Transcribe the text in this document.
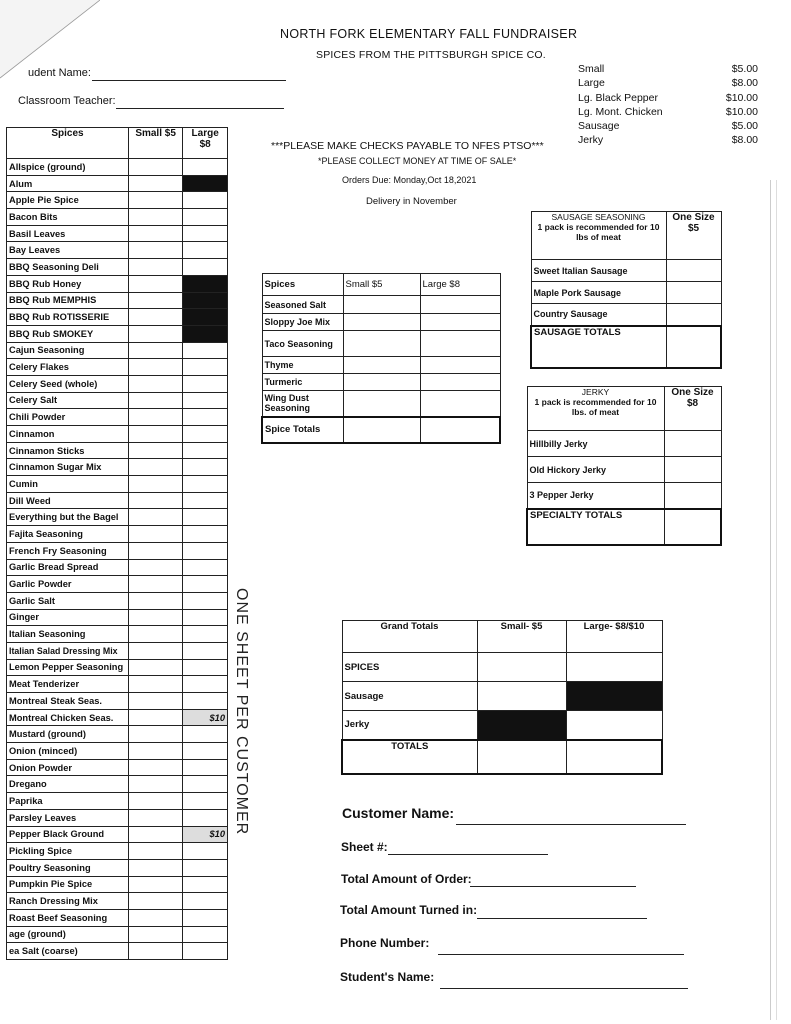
NORTH FORK ELEMENTARY FALL FUNDRAISER
SPICES FROM THE PITTSBURGH SPICE CO.
udent Name:
Classroom Teacher:
Small	$5.00
Large	$8.00
Lg. Black Pepper	$10.00
Lg. Mont. Chicken	$10.00
Sausage	$5.00
Jerky	$8.00
***PLEASE MAKE CHECKS PAYABLE TO NFES PTSO***
*PLEASE COLLECT MONEY AT TIME OF SALE*
Orders Due: Monday,Oct 18,2021
Delivery in November
Spices	Small $5	Large $8
Allspice (ground)		
Alum		
Apple Pie Spice		
Bacon Bits		
Basil Leaves		
Bay Leaves		
BBQ Seasoning Deli		
BBQ Rub Honey		
BBQ Rub MEMPHIS		
BBQ Rub ROTISSERIE		
BBQ Rub SMOKEY		
Cajun Seasoning		
Celery Flakes		
Celery Seed (whole)		
Celery Salt		
Chili Powder		
Cinnamon		
Cinnamon Sticks		
Cinnamon Sugar Mix		
Cumin		
Dill Weed		
Everything but the Bagel		
Fajita Seasoning		
French Fry Seasoning		
Garlic Bread Spread		
Garlic Powder		
Garlic Salt		
Ginger		
Italian Seasoning		
Italian Salad Dressing Mix		
Lemon Pepper Seasoning		
Meat Tenderizer		
Montreal Steak Seas.		
Montreal Chicken Seas.		$10
Mustard (ground)		
Onion (minced)		
Onion Powder		
Dregano		
Paprika		
Parsley Leaves		
Pepper Black Ground		$10
Pickling Spice		
Poultry Seasoning		
Pumpkin Pie Spice		
Ranch Dressing Mix		
Roast Beef Seasoning		
age (ground)		
ea Salt (coarse)		
ONE SHEET PER CUSTOMER
Spices	Small $5	Large $8
Seasoned Salt		
Sloppy Joe Mix		
Taco Seasoning		
Thyme		
Turmeric		
Wing Dust Seasoning		
Spice Totals		
SAUSAGE SEASONING
1 pack is recommended for 10 lbs of meat	One Size $5
Sweet Italian Sausage	
Maple Pork Sausage	
Country Sausage	
SAUSAGE TOTALS	
JERKY
1 pack is recommended for 10 lbs. of meat	One Size $8
Hillbilly Jerky	
Old Hickory Jerky	
3 Pepper Jerky	
SPECIALTY TOTALS	
Grand Totals	Small- $5	Large- $8/$10
SPICES		
Sausage		
Jerky		
TOTALS		
Customer Name:
Sheet #:
Total Amount of Order:
Total Amount Turned in:
Phone Number:
Student's Name:
